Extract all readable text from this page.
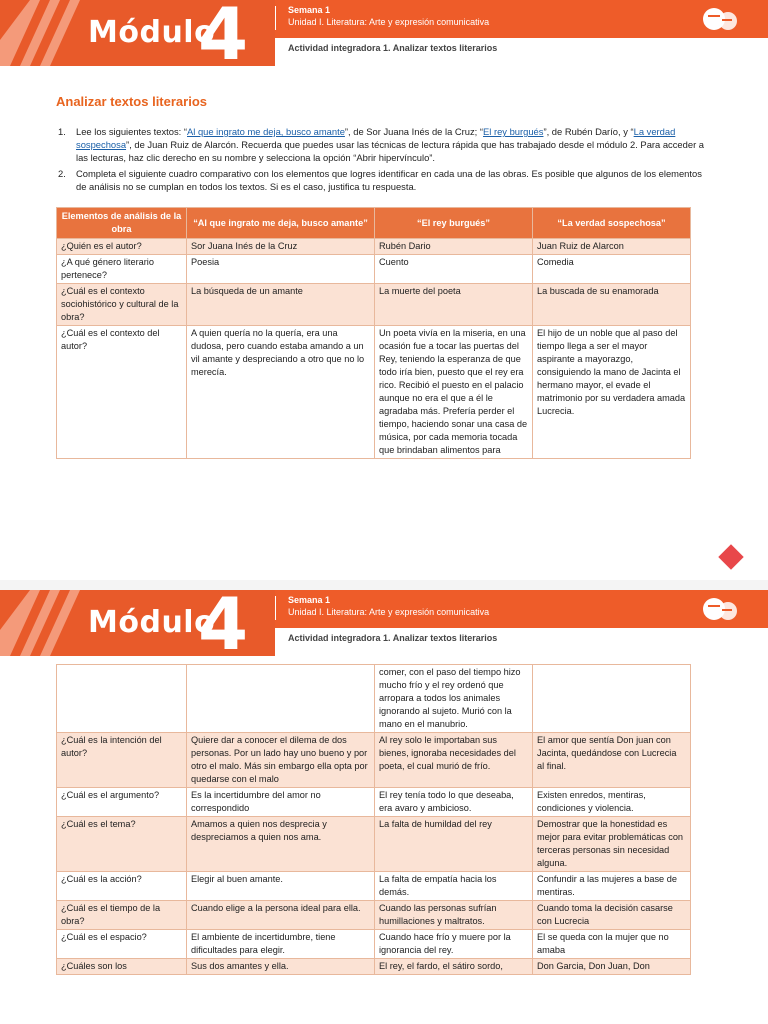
Módulo
4	Semana 1
Unidad I. Literatura: Arte y expresión comunicativa
Actividad integradora 1. Analizar textos literarios
Analizar textos literarios
1. Lee los siguientes textos: “Al que ingrato me deja, busco amante”, de Sor Juana Inés de la Cruz; “El rey burgués”, de Rubén Darío, y “La verdad sospechosa”, de Juan Ruiz de Alarcón. Recuerda que puedes usar las técnicas de lectura rápida que has trabajado desde el módulo 2. Para acceder a las lecturas, haz clic derecho en su nombre y selecciona la opción “Abrir hipervínculo”.
2. Completa el siguiente cuadro comparativo con los elementos que logres identificar en cada una de las obras. Es posible que algunos de los elementos de análisis no se cumplan en todos los textos. Si es el caso, justifica tu respuesta.
Elementos de análisis de la obra	“Al que ingrato me deja, busco amante”	“El rey burgués”	“La verdad sospechosa”
¿Quién es el autor?	Sor Juana Inés de la Cruz	Rubén Dario	Juan Ruiz de Alarcon
¿A qué género literario pertenece?	Poesia	Cuento	Comedia
¿Cuál es el contexto sociohistórico y cultural de la obra?	La búsqueda de un amante	La muerte del poeta	La buscada de su enamorada
¿Cuál es el contexto del autor?	A quien quería no la quería, era una dudosa, pero cuando estaba amando a un vil amante y despreciando a otro que no lo merecía.	Un poeta vivía en la miseria, en una ocasión fue a tocar las puertas del Rey, teniendo la esperanza de que todo iría bien, puesto que el rey era rico. Recibió el puesto en el palacio aunque no era el que a él le agradaba más. Prefería perder el tiempo, haciendo sonar una casa de música, por cada memoria tocada que brindaban alimentos para	El hijo de un noble que al paso del tiempo llega a ser el mayor aspirante a mayorazgo, consiguiendo la mano de Jacinta el hermano mayor, el evade el matrimonio por su verdadera amada Lucrecia.
Módulo
4	Semana 1
Unidad I. Literatura: Arte y expresión comunicativa
Actividad integradora 1. Analizar textos literarios
		comer, con el paso del tiempo hizo mucho frío y el rey ordenó que arropara a todos los animales ignorando al sujeto. Murió con la mano en el manubrio.	
¿Cuál es la intención del autor?	Quiere dar a conocer el dilema de dos personas. Por un lado hay uno bueno y por otro el malo. Más sin embargo ella opta por quedarse con el malo	Al rey solo le importaban sus bienes, ignoraba necesidades del poeta, el cual murió de frío.	El amor que sentía Don juan con Jacinta, quedándose con Lucrecia al final.
¿Cuál es el argumento?	Es la incertidumbre del amor no correspondido	El rey tenía todo lo que deseaba, era avaro y ambicioso.	Existen enredos, mentiras, condiciones y violencia.
¿Cuál es el tema?	Amamos a quien nos desprecia y despreciamos a quien nos ama.	La falta de humildad del rey	Demostrar que la honestidad es mejor para evitar problemáticas con terceras personas sin necesidad alguna.
¿Cuál es la acción?	Elegir al buen amante.	La falta de empatía hacia los demás.	Confundir a las mujeres a base de mentiras.
¿Cuál es el tiempo de la obra?	Cuando elige a la persona ideal para ella.	Cuando las personas sufrían humillaciones y maltratos.	Cuando toma la decisión casarse con Lucrecia
¿Cuál es el espacio?	El ambiente de incertidumbre, tiene dificultades para elegir.	Cuando hace frío y muere por la ignorancia del rey.	El se queda con la mujer que no amaba
¿Cuáles son los	Sus dos amantes y ella.	El rey, el fardo, el sátiro sordo,	Don Garcia, Don Juan, Don
